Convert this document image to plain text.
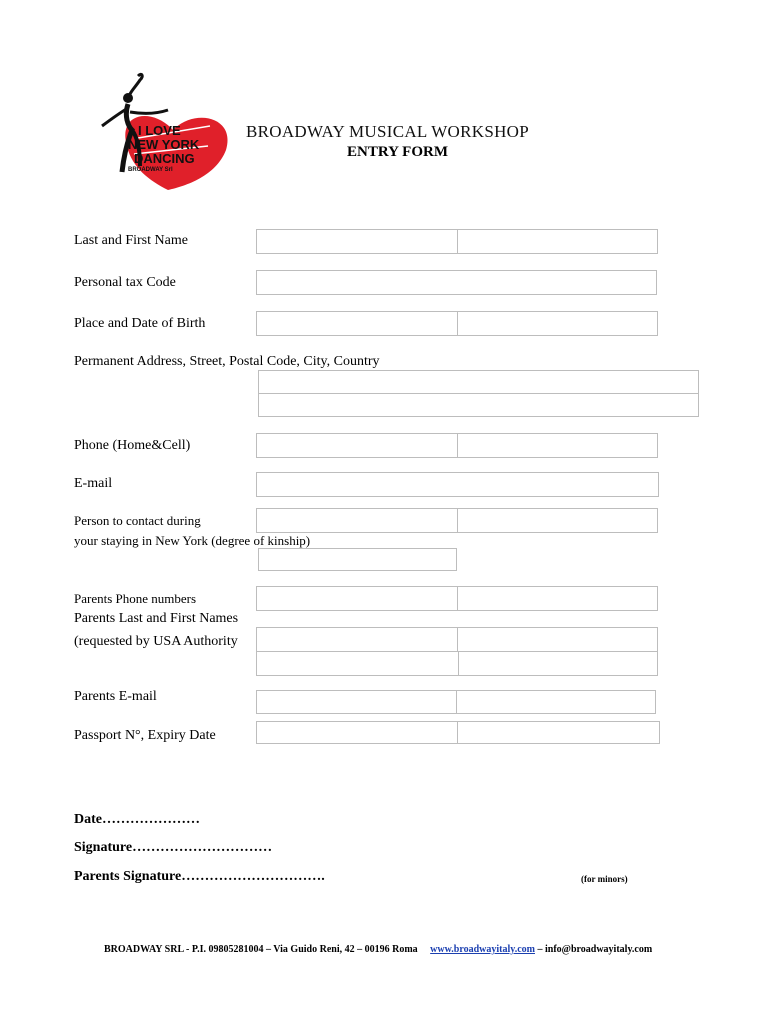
I LOVE
NEW YORK
DANCING
BROADWAY Srl
BROADWAY MUSICAL WORKSHOP
ENTRY FORM
Last and First Name
Personal tax Code
Place and Date of Birth
Permanent Address, Street, Postal Code, City, Country
Phone (Home&Cell)
E-mail
Person to contact during
your staying in New York (degree of kinship)
Parents Phone numbers
Parents Last and First Names
(requested by USA Authority
Parents E-mail
Passport N°, Expiry Date
Date…………………
Signature…………………………
Parents Signature………………………….	(for minors)
BROADWAY SRL - P.I. 09805281004 – Via Guido Reni, 42 – 00196 Roma www.broadwayitaly.com – info@broadwayitaly.com
